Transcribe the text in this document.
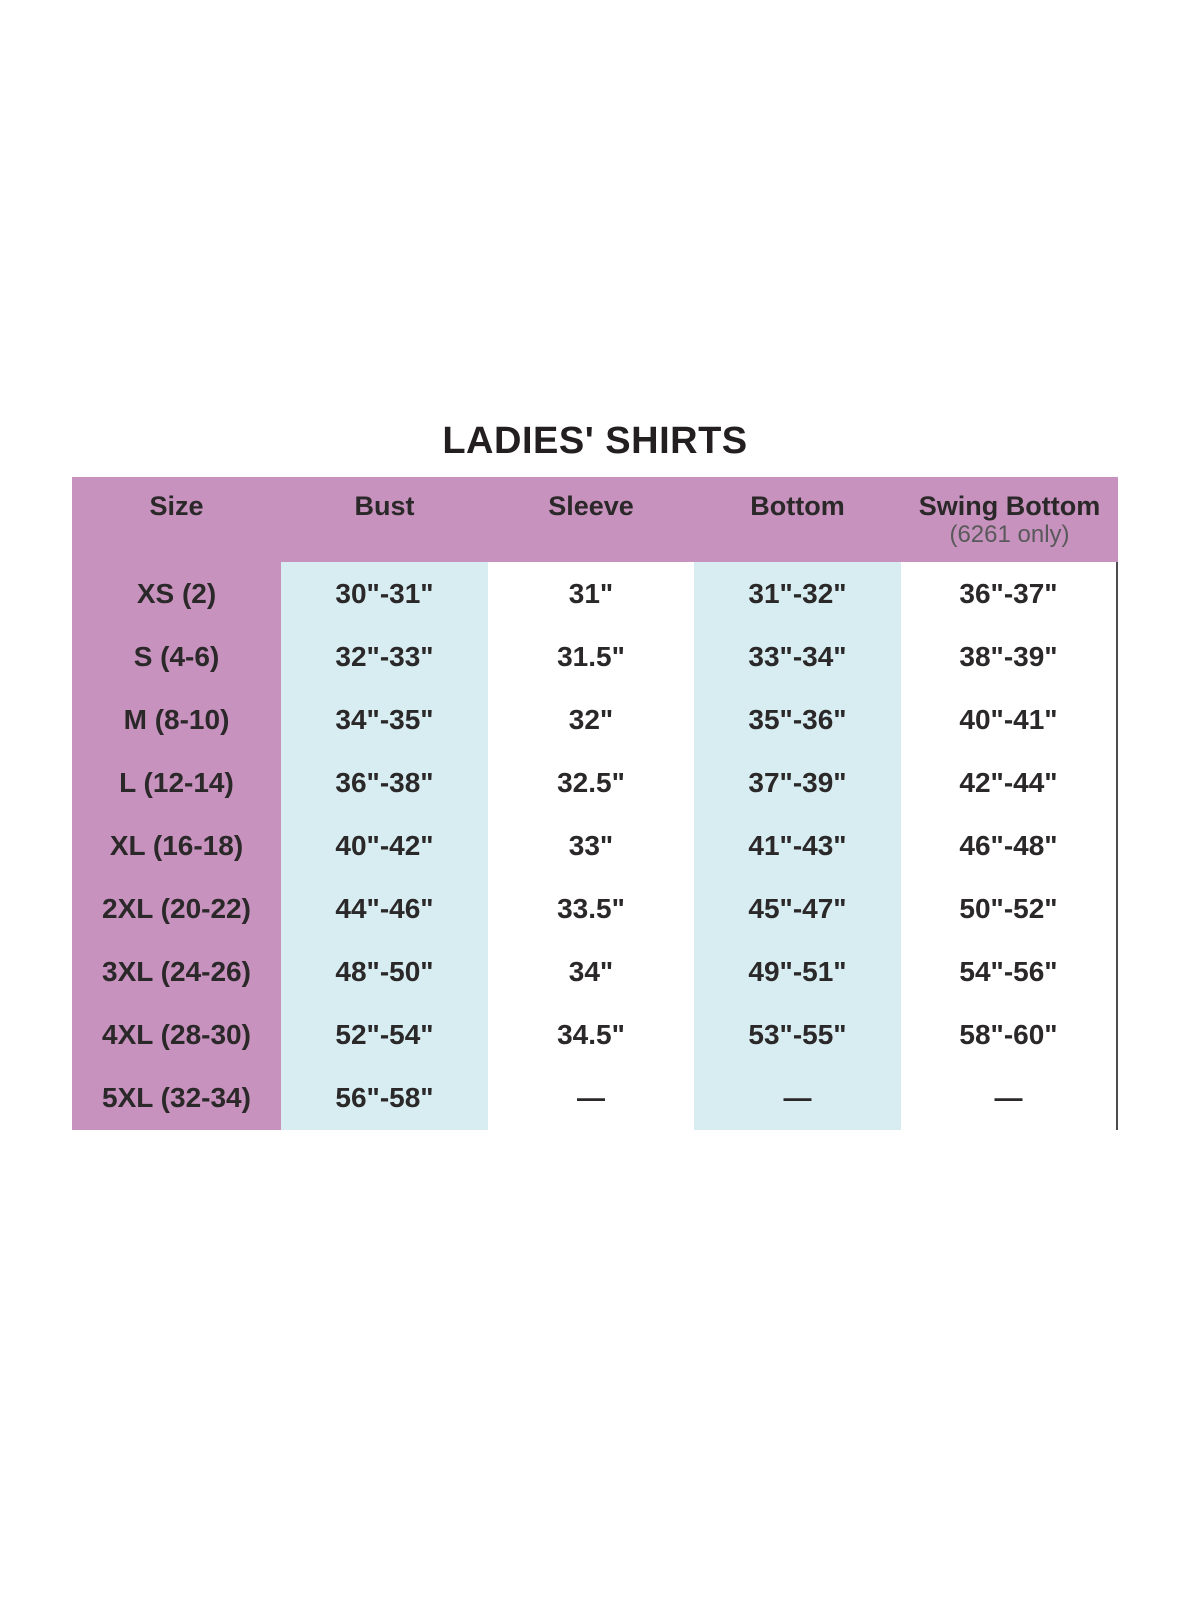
LADIES' SHIRTS
Size	Bust	Sleeve	Bottom	Swing Bottom
(6261 only)
XS (2)	30"-31"	31"	31"-32"	36"-37"
S (4-6)	32"-33"	31.5"	33"-34"	38"-39"
M (8-10)	34"-35"	32"	35"-36"	40"-41"
L (12-14)	36"-38"	32.5"	37"-39"	42"-44"
XL (16-18)	40"-42"	33"	41"-43"	46"-48"
2XL (20-22)	44"-46"	33.5"	45"-47"	50"-52"
3XL (24-26)	48"-50"	34"	49"-51"	54"-56"
4XL (28-30)	52"-54"	34.5"	53"-55"	58"-60"
5XL (32-34)	56"-58"	—	—	—
